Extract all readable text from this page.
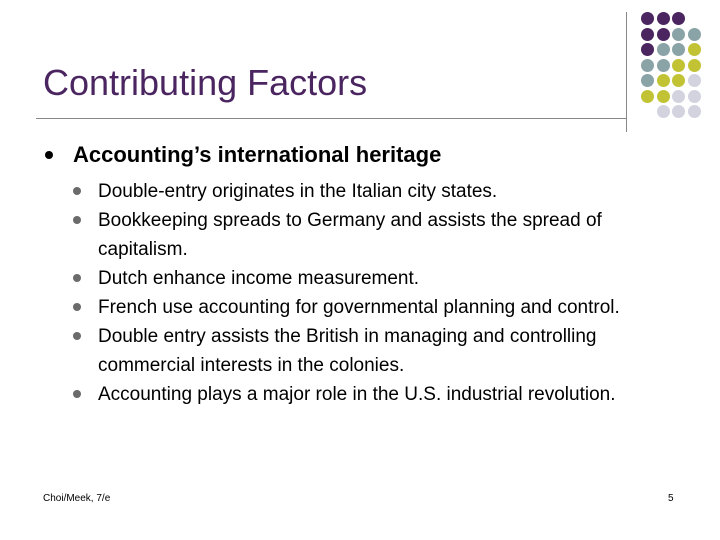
Contributing Factors
Accounting’s international heritage
Double-entry originates in the Italian city states.
Bookkeeping spreads to Germany and assists the spread of capitalism.
Dutch enhance income measurement.
French use accounting for governmental planning and control.
Double entry assists the British in managing and controlling commercial interests in the colonies.
Accounting plays a major role in the U.S. industrial revolution.
Choi/Meek, 7/e	5
